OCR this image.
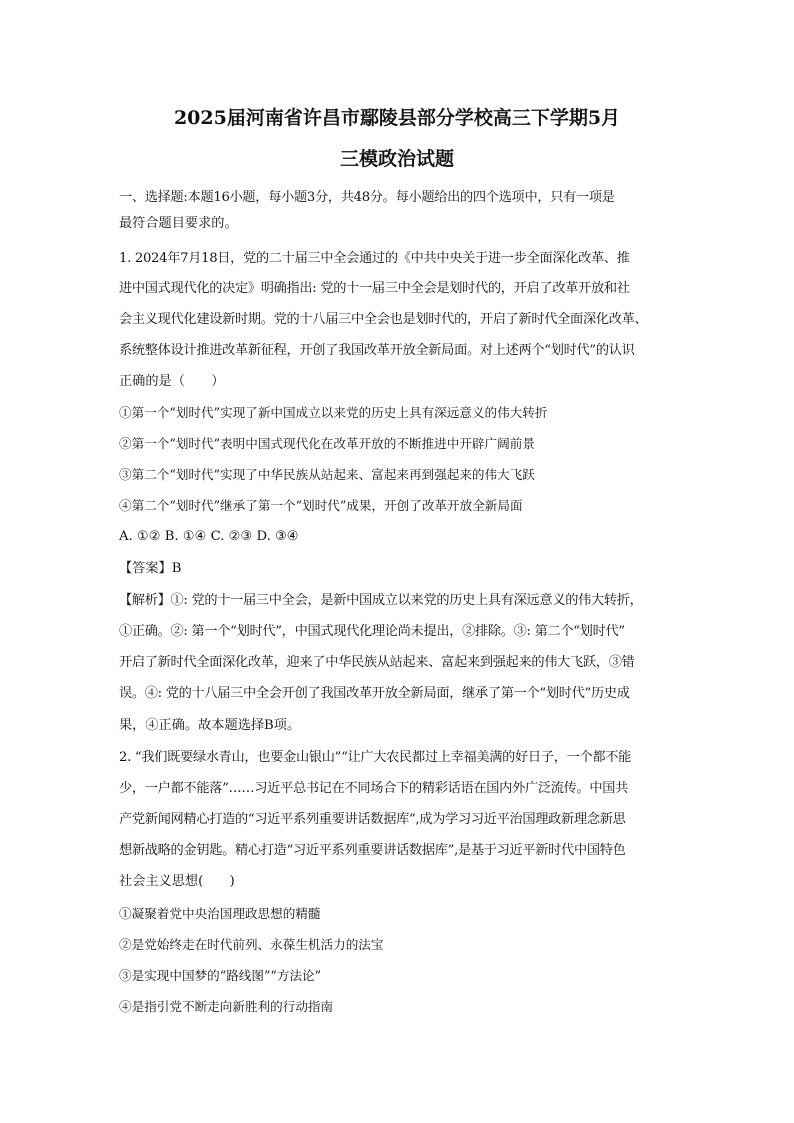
2025届河南省许昌市鄢陵县部分学校高三下学期5月
三模政治试题
一、选择题:本题16小题，每小题3分，共48分。每小题给出的四个选项中，只有一项是
最符合题目要求的。
1. 2024年7月18日，党的二十届三中全会通过的《中共中央关于进一步全面深化改革、推
进中国式现代化的决定》明确指出: 党的十一届三中全会是划时代的，开启了改革开放和社
会主义现代化建设新时期。党的十八届三中全会也是划时代的，开启了新时代全面深化改革、
系统整体设计推进改革新征程，开创了我国改革开放全新局面。对上述两个“划时代”的认识
正确的是（　　）
①第一个“划时代”实现了新中国成立以来党的历史上具有深远意义的伟大转折
②第一个“划时代”表明中国式现代化在改革开放的不断推进中开辟广阔前景
③第二个“划时代”实现了中华民族从站起来、富起来再到强起来的伟大飞跃
④第二个“划时代”继承了第一个“划时代”成果，开创了改革开放全新局面
A. ①② B. ①④ C. ②③ D. ③④
【答案】B
【解析】①: 党的十一届三中全会，是新中国成立以来党的历史上具有深远意义的伟大转折，
①正确。②: 第一个“划时代”，中国式现代化理论尚未提出，②排除。③: 第二个“划时代”
开启了新时代全面深化改革，迎来了中华民族从站起来、富起来到强起来的伟大飞跃，③错
误。④: 党的十八届三中全会开创了我国改革开放全新局面，继承了第一个“划时代”历史成
果，④正确。故本题选择B项。
2. “我们既要绿水青山，也要金山银山”“让广大农民都过上幸福美满的好日子，一个都不能
少，一户都不能落”……习近平总书记在不同场合下的精彩话语在国内外广泛流传。中国共
产党新闻网精心打造的“习近平系列重要讲话数据库”,成为学习习近平治国理政新理念新思
想新战略的金钥匙。精心打造“习近平系列重要讲话数据库”,是基于习近平新时代中国特色
社会主义思想(　　)
①凝聚着党中央治国理政思想的精髓
②是党始终走在时代前列、永葆生机活力的法宝
③是实现中国梦的“路线图”“方法论”
④是指引党不断走向新胜利的行动指南
